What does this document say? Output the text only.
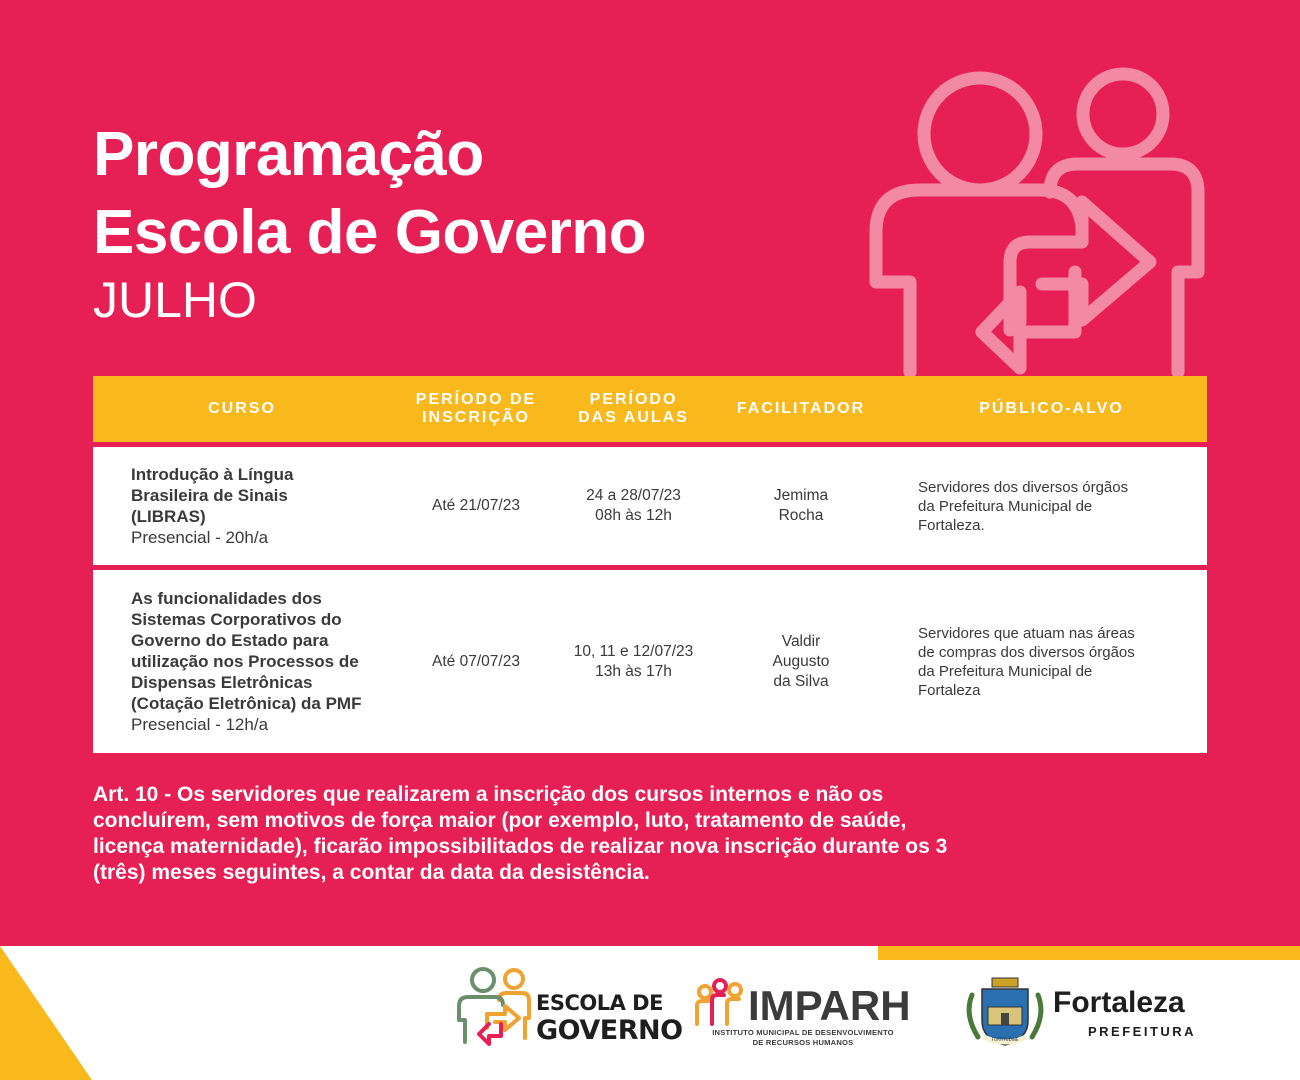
Programação
Escola de Governo
JULHO
CURSO
PERÍODO DE
INSCRIÇÃO
PERÍODO
DAS AULAS
FACILITADOR	PÚBLICO-ALVO
Introdução à Língua
Brasileira de Sinais
(LIBRAS)
Presencial - 20h/a
Até 21/07/23
24 a 28/07/23
08h às 12h
Jemima
Rocha
Servidores dos diversos órgãos
da Prefeitura Municipal de
Fortaleza.
As funcionalidades dos
Sistemas Corporativos do
Governo do Estado para
utilização nos Processos de
Dispensas Eletrônicas
(Cotação Eletrônica) da PMF
Presencial - 12h/a
Até 07/07/23
10, 11 e 12/07/23
13h às 17h
Valdir
Augusto
da Silva
Servidores que atuam nas áreas
de compras dos diversos órgãos
da Prefeitura Municipal de
Fortaleza

Art. 10 - Os servidores que realizarem a inscrição dos cursos internos e não os
concluírem, sem motivos de força maior (por exemplo, luto, tratamento de saúde,
licença maternidade), ficarão impossibilitados de realizar nova inscrição durante os 3
(três) meses seguintes, a contar da data da desistência.

ESCOLA DE
GOVERNO
IMPARH
INSTITUTO MUNICIPAL DE DESENVOLVIMENTO
DE RECURSOS HUMANOS	FORTITUDINE
Fortaleza
PREFEITURA
